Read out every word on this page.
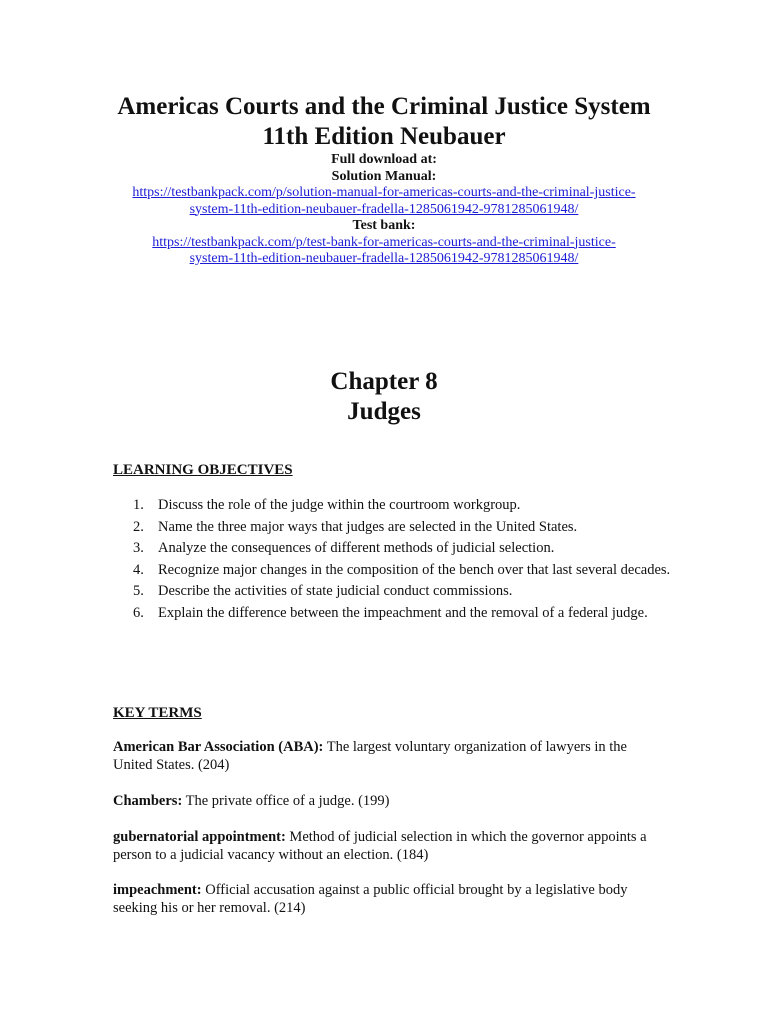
Americas Courts and the Criminal Justice System
11th Edition Neubauer
Full download at:
Solution Manual:
https://testbankpack.com/p/solution-manual-for-americas-courts-and-the-criminal-justice-
system-11th-edition-neubauer-fradella-1285061942-9781285061948/
Test bank:
https://testbankpack.com/p/test-bank-for-americas-courts-and-the-criminal-justice-
system-11th-edition-neubauer-fradella-1285061942-9781285061948/
Chapter 8
Judges
LEARNING OBJECTIVES
1. Discuss the role of the judge within the courtroom workgroup.
2. Name the three major ways that judges are selected in the United States.
3. Analyze the consequences of different methods of judicial selection.
4. Recognize major changes in the composition of the bench over that last several decades.
5. Describe the activities of state judicial conduct commissions.
6. Explain the difference between the impeachment and the removal of a federal judge.
KEY TERMS
American Bar Association (ABA): The largest voluntary organization of lawyers in the United States. (204)
Chambers: The private office of a judge. (199)
gubernatorial appointment: Method of judicial selection in which the governor appoints a person to a judicial vacancy without an election. (184)
impeachment: Official accusation against a public official brought by a legislative body seeking his or her removal. (214)
